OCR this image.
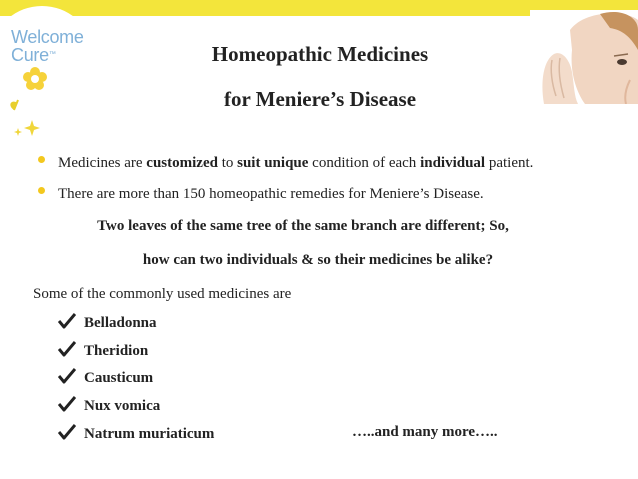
Welcome
Cure™	Homeopathic Medicines
for Meniere’s Disease
Medicines are customized to suit unique condition of each individual patient.
There are more than 150 homeopathic remedies for Meniere’s Disease.
Two leaves of the same tree of the same branch are different; So,
how can two individuals & so their medicines be alike?
Some of the commonly used medicines are
Belladonna
Theridion
Causticum
Nux vomica
Natrum muriaticum	…..and many more…..
